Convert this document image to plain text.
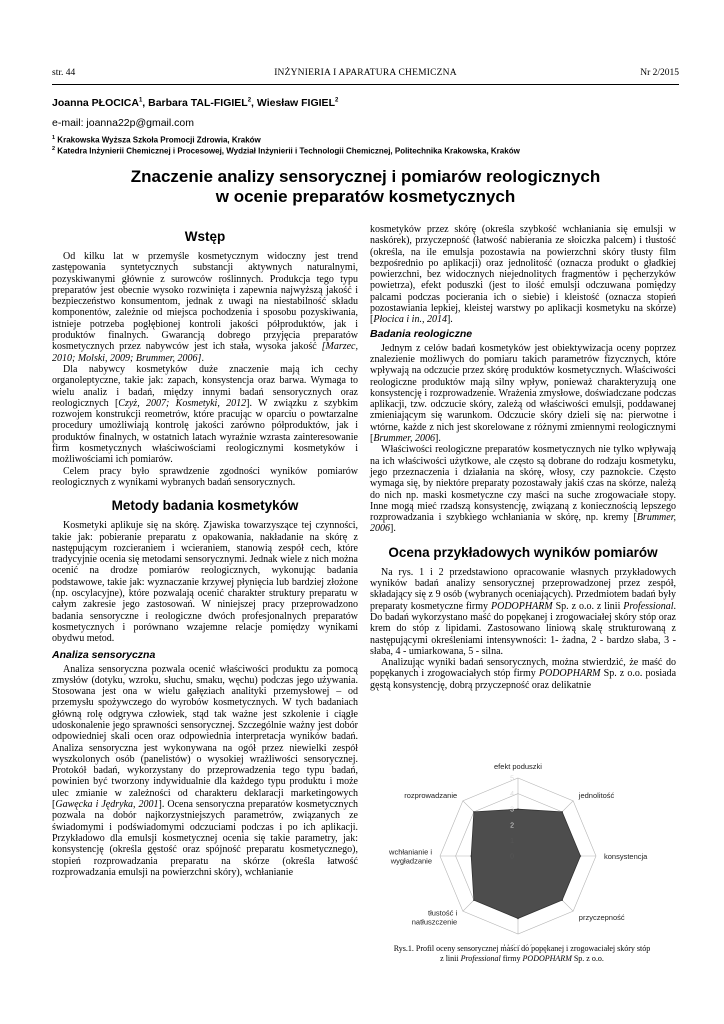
str. 44	INŻYNIERIA I APARATURA CHEMICZNA	Nr 2/2015
Joanna PŁOCICA$^1$, Barbara TAL-FIGIEL$^2$, Wiesław FIGIEL$^2$
e-mail: joanna22p@gmail.com
$^1$ Krakowska Wyższa Szkoła Promocji Zdrowia, Kraków
$^2$ Katedra Inżynierii Chemicznej i Procesowej, Wydział Inżynierii i Technologii Chemicznej, Politechnika Krakowska, Kraków
Znaczenie analizy sensorycznej i pomiarów reologicznych
w ocenie preparatów kosmetycznych
Wstęp

Od kilku lat w przemyśle kosmetycznym widoczny jest trend zastępowania syntetycznych substancji aktywnych naturalnymi, pozyskiwanymi głównie z surowców roślinnych. Produkcja tego typu preparatów jest obecnie wysoko rozwinięta i zapewnia najwyższą jakość i bezpieczeństwo konsumentom, jednak z uwagi na niestabilność składu komponentów, zależnie od miejsca pochodzenia i sposobu pozyskiwania, istnieje potrzeba pogłębionej kontroli jakości półproduktów, jak i produktów finalnych. Gwarancją dobrego przyjęcia preparatów kosmetycznych przez nabywców jest ich stała, wysoka jakość [Marzec, 2010; Molski, 2009; Brummer, 2006].

Dla nabywcy kosmetyków duże znaczenie mają ich cechy organoleptyczne, takie jak: zapach, konsystencja oraz barwa. Wymaga to wielu analiz i badań, między innymi badań sensorycznych oraz reologicznych [Czyż, 2007; Kosmetyki, 2012]. W związku z szybkim rozwojem konstrukcji reometrów, które pracując w oparciu o powtarzalne procedury umożliwiają kontrolę jakości zarówno półproduktów, jak i produktów finalnych, w ostatnich latach wyraźnie wzrasta zainteresowanie firm kosmetycznych właściwościami reologicznymi kosmetyków i możliwościami ich pomiarów.

Celem pracy było sprawdzenie zgodności wyników pomiarów reologicznych z wynikami wybranych badań sensorycznych.

Metody badania kosmetyków

Kosmetyki aplikuje się na skórę. Zjawiska towarzyszące tej czynności, takie jak: pobieranie preparatu z opakowania, nakładanie na skórę z następującym rozcieraniem i wcieraniem, stanowią zespół cech, które tradycyjnie ocenia się metodami sensorycznymi. Jednak wiele z nich można ocenić na drodze pomiarów reologicznych, wykonując badania podstawowe, takie jak: wyznaczanie krzywej płynięcia lub bardziej złożone (np. oscylacyjne), które pozwalają ocenić charakter struktury preparatu w całym zakresie jego zastosowań. W niniejszej pracy przeprowadzono badania sensoryczne i reologiczne dwóch profesjonalnych preparatów kosmetycznych i porównano wzajemne relacje pomiędzy wynikami obydwu metod.

Analiza sensoryczna

Analiza sensoryczna pozwala ocenić właściwości produktu za pomocą zmysłów (dotyku, wzroku, słuchu, smaku, węchu) podczas jego używania. Stosowana jest ona w wielu gałęziach analityki przemysłowej – od przemysłu spożywczego do wyrobów kosmetycznych. W tych badaniach główną rolę odgrywa człowiek, stąd tak ważne jest szkolenie i ciągłe udoskonalenie jego sprawności sensorycznej. Szczególnie ważny jest dobór odpowiedniej skali ocen oraz odpowiednia interpretacja wyników badań. Analiza sensoryczna jest wykonywana na ogół przez niewielki zespół wyszkolonych osób (panelistów) o wysokiej wrażliwości sensorycznej. Protokół badań, wykorzystany do przeprowadzenia tego typu badań, powinien być tworzony indywidualnie dla każdego typu produktu i może ulec zmianie w zależności od charakteru deklaracji marketingowych [Gawęcka i Jędryka, 2001]. Ocena sensoryczna preparatów kosmetycznych pozwala na dobór najkorzystniejszych parametrów, związanych ze świadomymi i podświadomymi odczuciami podczas i po ich aplikacji. Przykładowo dla emulsji kosmetycznej ocenia się takie parametry, jak: konsystencję (określa gęstość oraz spójność preparatu kosmetycznego), stopień rozprowadzania preparatu na skórze (określa łatwość rozprowadzania emulsji na powierzchni skóry), wchłanianie

kosmetyków przez skórę (określa szybkość wchłaniania się emulsji w naskórek), przyczepność (łatwość nabierania ze słoiczka palcem) i tłustość (określa, na ile emulsja pozostawia na powierzchni skóry tłusty film bezpośrednio po aplikacji) oraz jednolitość (oznacza produkt o gładkiej powierzchni, bez widocznych niejednolitych fragmentów i pęcherzyków powietrza), efekt poduszki (jest to ilość emulsji odczuwana pomiędzy palcami podczas pocierania ich o siebie) i kleistość (oznacza stopień pozostawiania lepkiej, kleistej warstwy po aplikacji kosmetyku na skórze) [Płocica i in., 2014].

Badania reologiczne

Jednym z celów badań kosmetyków jest obiektywizacja oceny poprzez znalezienie możliwych do pomiaru takich parametrów fizycznych, które wpływają na odczucie przez skórę produktów kosmetycznych. Właściwości reologiczne produktów mają silny wpływ, ponieważ charakteryzują one konsystencję i rozprowadzenie. Wrażenia zmysłowe, doświadczane podczas aplikacji, tzw. odczucie skóry, zależą od właściwości emulsji, poddawanej zmieniającym się warunkom. Odczucie skóry dzieli się na: pierwotne i wtórne, każde z nich jest skorelowane z różnymi zmiennymi reologicznymi [Brummer, 2006].

Właściwości reologiczne preparatów kosmetycznych nie tylko wpływają na ich właściwości użytkowe, ale często są dobrane do rodzaju kosmetyku, jego przeznaczenia i działania na skórę, włosy, czy paznokcie. Często wymaga się, by niektóre preparaty pozostawały jakiś czas na skórze, należą do nich np. maski kosmetyczne czy maści na suche zrogowaciałe stopy. Inne mogą mieć rzadszą konsystencję, związaną z koniecznością lepszego rozprowadzania i szybkiego wchłaniania w skórę, np. kremy [Brummer, 2006].

Ocena przykładowych wyników pomiarów

Na rys. 1 i 2 przedstawiono opracowanie własnych przykładowych wyników badań analizy sensorycznej przeprowadzonej przez zespół, składający się z 9 osób (wybranych oceniających). Przedmiotem badań były preparaty kosmetyczne firmy PODOPHARM Sp. z o.o. z linii Professional. Do badań wykorzystano maść do popękanej i zrogowaciałej skóry stóp oraz krem do stóp z lipidami. Zastosowano liniową skalę strukturowaną z następującymi określeniami intensywności: 1- żadna, 2 - bardzo słaba, 3 - słaba, 4 - umiarkowana, 5 - silna.

Analizując wyniki badań sensorycznych, można stwierdzić, że maść do popękanych i zrogowaciałych stóp firmy PODOPHARM Sp. z o.o. posiada gęstą konsystencję, dobrą przyczepność oraz delikatnie

0
1
2
3
4
5
efekt poduszki
jednolitość
konsystencja
przyczepność
tłustość i
natłuszczenie
wchłanianie i
wygładzanie
rozprowadzanie
Rys.1. Profil oceny sensorycznej maści do popękanej i zrogowaciałej skóry stóp
z linii Professional firmy PODOPHARM Sp. z o.o.
